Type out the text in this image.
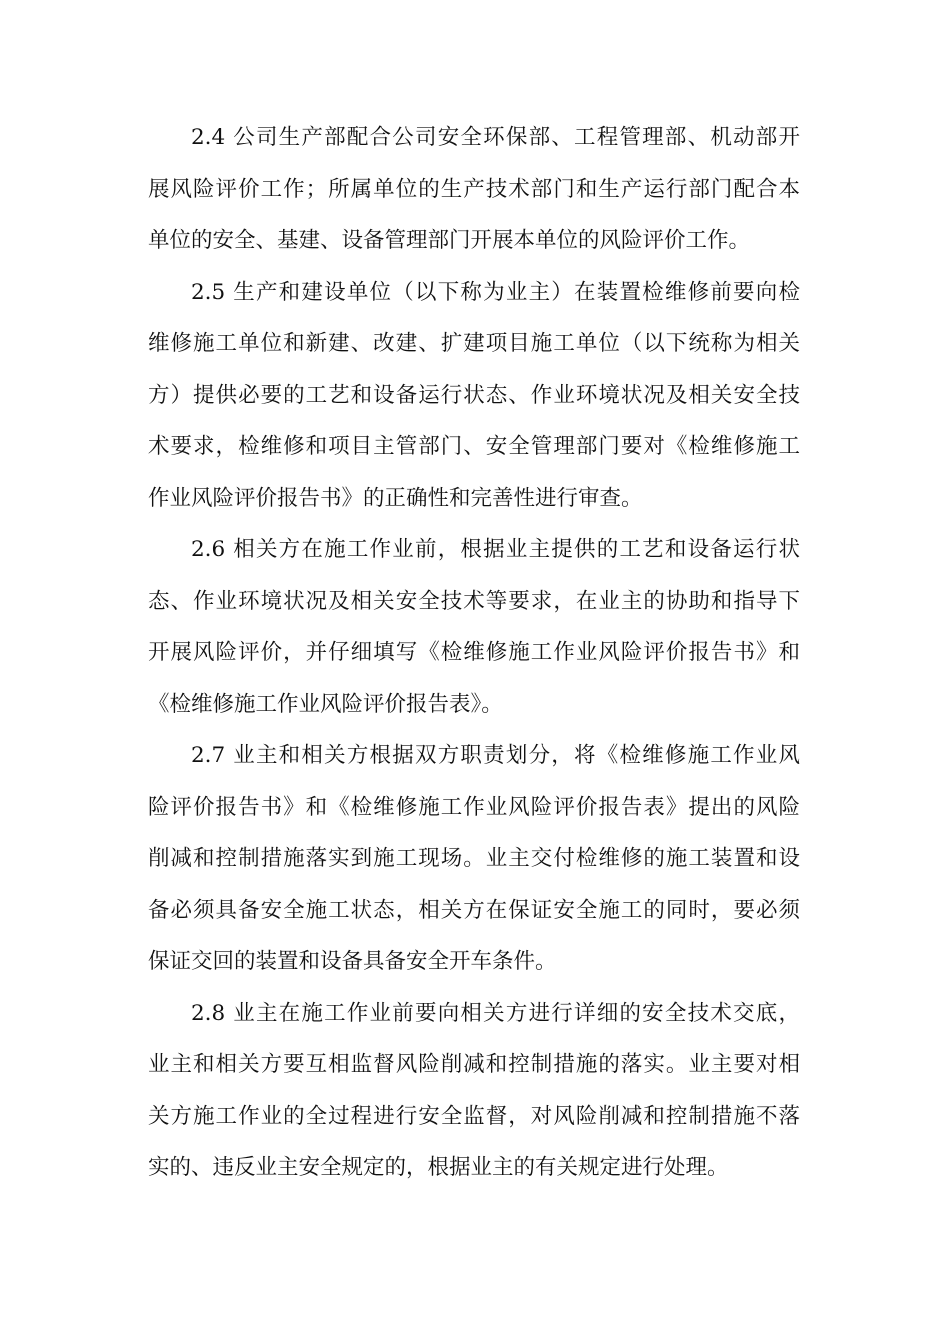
2.4 公司生产部配合公司安全环保部、工程管理部、机动部开
展风险评价工作；所属单位的生产技术部门和生产运行部门配合本
单位的安全、基建、设备管理部门开展本单位的风险评价工作。
2.5 生产和建设单位（以下称为业主）在装置检维修前要向检
维修施工单位和新建、改建、扩建项目施工单位（以下统称为相关
方）提供必要的工艺和设备运行状态、作业环境状况及相关安全技
术要求，检维修和项目主管部门、安全管理部门要对《检维修施工
作业风险评价报告书》的正确性和完善性进行审查。
2.6 相关方在施工作业前，根据业主提供的工艺和设备运行状
态、作业环境状况及相关安全技术等要求，在业主的协助和指导下
开展风险评价，并仔细填写《检维修施工作业风险评价报告书》和
《检维修施工作业风险评价报告表》。
2.7 业主和相关方根据双方职责划分，将《检维修施工作业风
险评价报告书》和《检维修施工作业风险评价报告表》提出的风险
削减和控制措施落实到施工现场。业主交付检维修的施工装置和设
备必须具备安全施工状态，相关方在保证安全施工的同时，要必须
保证交回的装置和设备具备安全开车条件。
2.8 业主在施工作业前要向相关方进行详细的安全技术交底，
业主和相关方要互相监督风险削减和控制措施的落实。业主要对相
关方施工作业的全过程进行安全监督，对风险削减和控制措施不落
实的、违反业主安全规定的，根据业主的有关规定进行处理。
